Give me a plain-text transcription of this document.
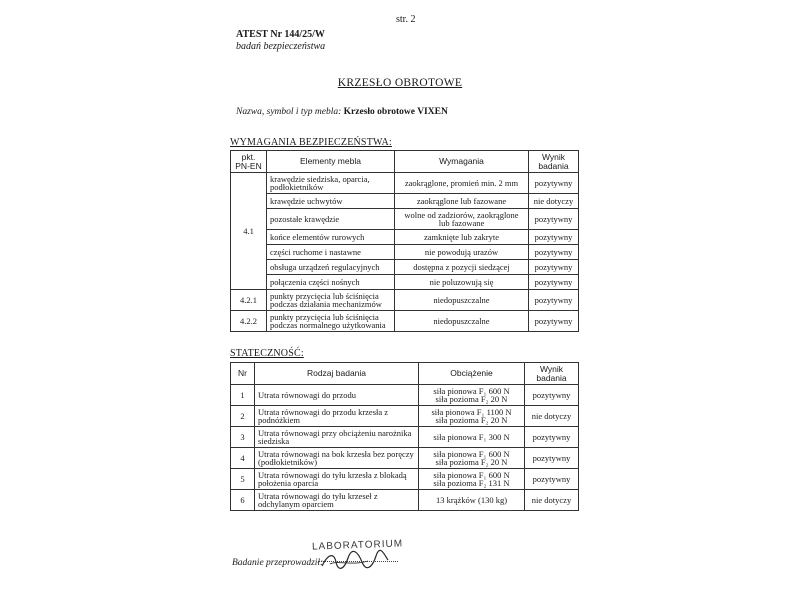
str. 2
ATEST Nr 144/25/W
badań bezpieczeństwa
KRZESŁO OBROTOWE
Nazwa, symbol i typ mebla: Krzesło obrotowe VIXEN
WYMAGANIA BEZPIECZEŃSTWA:
pkt. PN-EN	Elementy mebla	Wymagania	Wynik badania
4.1	krawędzie siedziska, oparcia, podłokietników	zaokrąglone, promień min. 2 mm	pozytywny
	krawędzie uchwytów	zaokrąglone lub fazowane	nie dotyczy
	pozostałe krawędzie	wolne od zadziorów, zaokrąglone lub fazowane	pozytywny
	końce elementów rurowych	zamknięte lub zakryte	pozytywny
	części ruchome i nastawne	nie powodują urazów	pozytywny
	obsługa urządzeń regulacyjnych	dostępna z pozycji siedzącej	pozytywny
	połączenia części nośnych	nie poluzowują się	pozytywny
4.2.1	punkty przycięcia lub ściśnięcia podczas działania mechanizmów	niedopuszczalne	pozytywny
4.2.2	punkty przycięcia lub ściśnięcia podczas normalnego użytkowania	niedopuszczalne	pozytywny
STATECZNOŚĆ:
Nr	Rodzaj badania	Obciążenie	Wynik badania
1	Utrata równowagi do przodu	siła pionowa F₁ 600 N
siła pozioma F₂ 20 N	pozytywny
2	Utrata równowagi do przodu krzesła z podnóżkiem	siła pionowa F₁ 1100 N
siła pozioma F₂ 20 N	nie dotyczy
3	Utrata równowagi przy obciążeniu narożnika siedziska	siła pionowa F₁ 300 N	pozytywny
4	Utrata równowagi na bok krzesła bez poręczy (podłokietników)	siła pionowa F₁ 600 N
siła pozioma F₂ 20 N	pozytywny
5	Utrata równowagi do tyłu krzesła z blokadą położenia oparcia	siła pionowa F₁ 600 N
siła pozioma F₂ 131 N	pozytywny
6	Utrata równowagi do tyłu krzeseł z odchylanym oparciem	13 krążków (130 kg)	nie dotyczy
LABORATORIUM
Badanie przeprowadził:
